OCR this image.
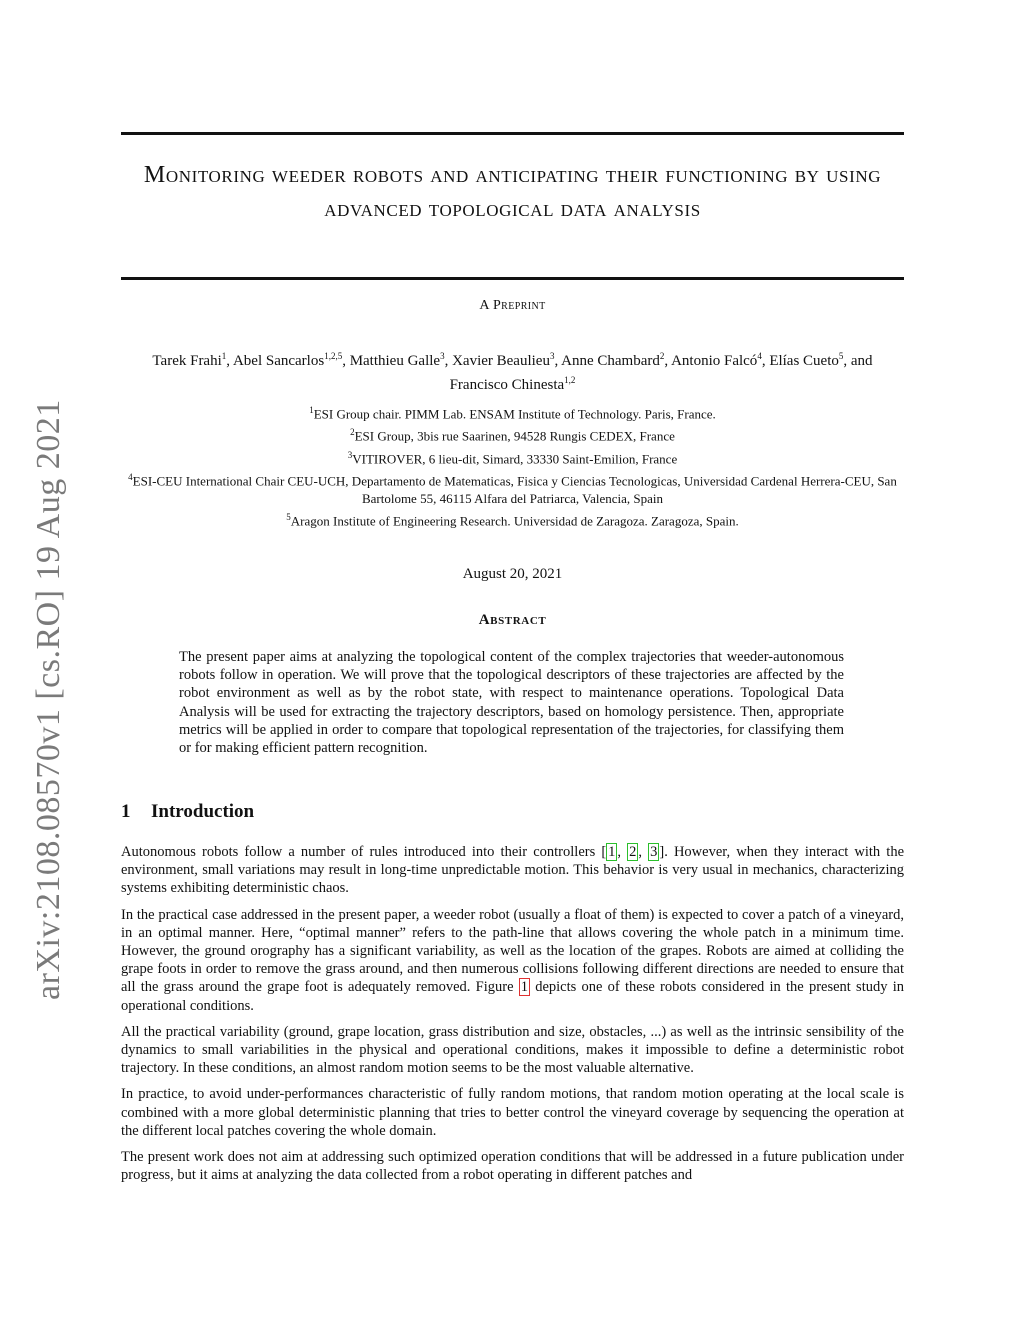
arXiv:2108.08570v1 [cs.RO] 19 Aug 2021
Monitoring weeder robots and anticipating their functioning by using advanced topological data analysis
A Preprint
Tarek Frahi$^1$, Abel Sancarlos$^{1,2,5}$, Matthieu Galle$^3$, Xavier Beaulieu$^3$, Anne Chambard$^2$, Antonio Falcó$^4$, Elías Cueto$^5$, and Francisco Chinesta$^{1,2}$
$^1$ESI Group chair. PIMM Lab. ENSAM Institute of Technology. Paris, France.
$^2$ESI Group, 3bis rue Saarinen, 94528 Rungis CEDEX, France
$^3$VITIROVER, 6 lieu-dit, Simard, 33330 Saint-Emilion, France
$^4$ESI-CEU International Chair CEU-UCH, Departamento de Matematicas, Fisica y Ciencias Tecnologicas, Universidad Cardenal Herrera-CEU, San Bartolome 55, 46115 Alfara del Patriarca, Valencia, Spain
$^5$Aragon Institute of Engineering Research. Universidad de Zaragoza. Zaragoza, Spain.
August 20, 2021
Abstract
The present paper aims at analyzing the topological content of the complex trajectories that weeder-autonomous robots follow in operation. We will prove that the topological descriptors of these trajectories are affected by the robot environment as well as by the robot state, with respect to maintenance operations. Topological Data Analysis will be used for extracting the trajectory descriptors, based on homology persistence. Then, appropriate metrics will be applied in order to compare that topological representation of the trajectories, for classifying them or for making efficient pattern recognition.
1 Introduction

Autonomous robots follow a number of rules introduced into their controllers [ 1 , 2 , 3 ]. However, when they interact with the environment, small variations may result in long-time unpredictable motion. This behavior is very usual in mechanics, characterizing systems exhibiting deterministic chaos.

In the practical case addressed in the present paper, a weeder robot (usually a float of them) is expected to cover a patch of a vineyard, in an optimal manner. Here, “optimal manner” refers to the path-line that allows covering the whole patch in a minimum time. However, the ground orography has a significant variability, as well as the location of the grapes. Robots are aimed at colliding the grape foots in order to remove the grass around, and then numerous collisions following different directions are needed to ensure that all the grass around the grape foot is adequately removed. Figure 1 depicts one of these robots considered in the present study in operational conditions.

All the practical variability (ground, grape location, grass distribution and size, obstacles, ...) as well as the intrinsic sensibility of the dynamics to small variabilities in the physical and operational conditions, makes it impossible to define a deterministic robot trajectory. In these conditions, an almost random motion seems to be the most valuable alternative.

In practice, to avoid under-performances characteristic of fully random motions, that random motion operating at the local scale is combined with a more global deterministic planning that tries to better control the vineyard coverage by sequencing the operation at the different local patches covering the whole domain.

The present work does not aim at addressing such optimized operation conditions that will be addressed in a future publication under progress, but it aims at analyzing the data collected from a robot operating in different patches and
